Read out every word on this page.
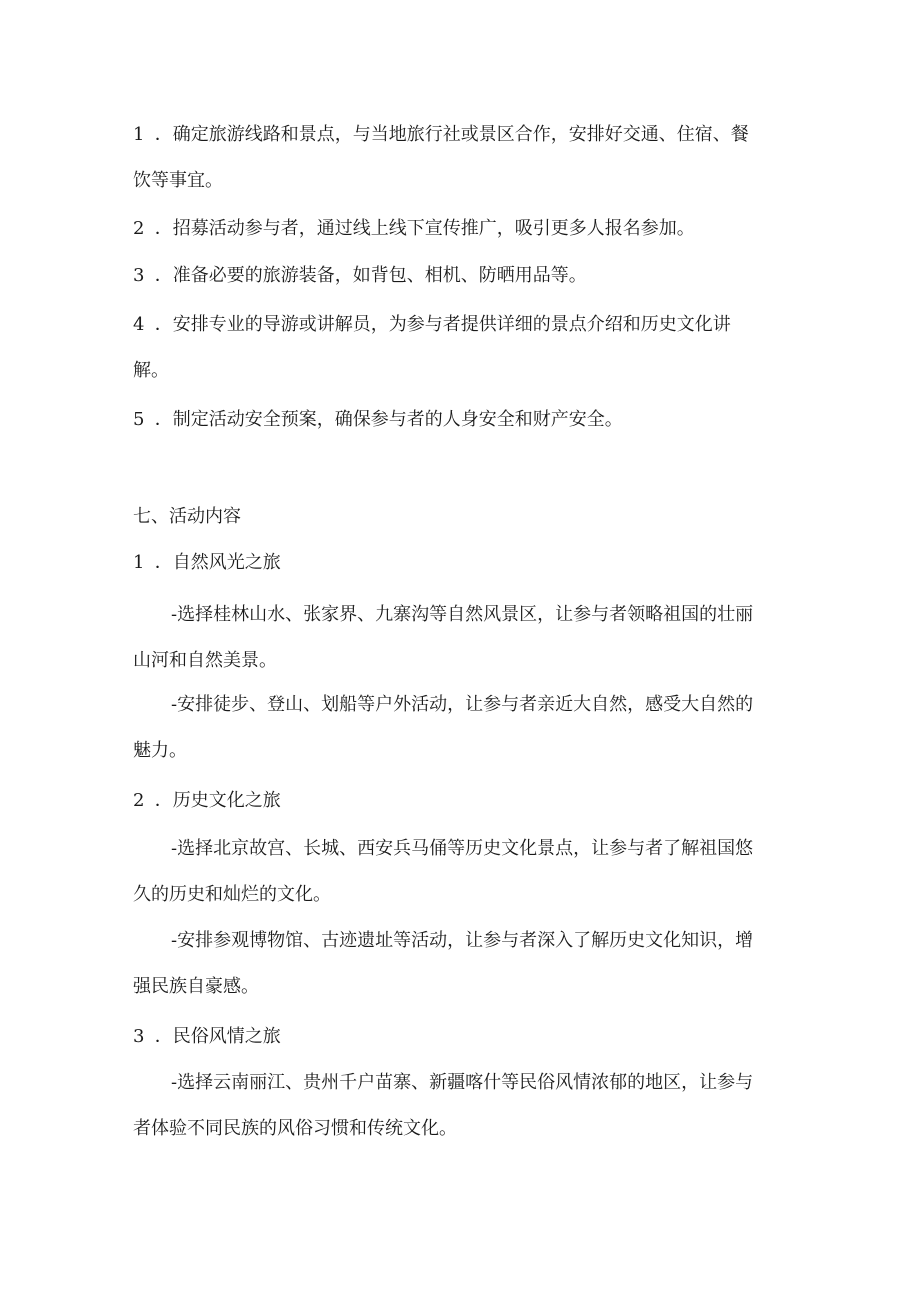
1 ．确定旅游线路和景点，与当地旅行社或景区合作，安排好交通、住宿、餐
饮等事宜。

2 ．招募活动参与者，通过线上线下宣传推广，吸引更多人报名参加。

3 ．准备必要的旅游装备，如背包、相机、防晒用品等。

4 ．安排专业的导游或讲解员，为参与者提供详细的景点介绍和历史文化讲
解。

5 ．制定活动安全预案，确保参与者的人身安全和财产安全。

七、活动内容

1 ．自然风光之旅

-选择桂林山水、张家界、九寨沟等自然风景区，让参与者领略祖国的壮丽
山河和自然美景。

-安排徒步、登山、划船等户外活动，让参与者亲近大自然，感受大自然的
魅力。

2 ．历史文化之旅

-选择北京故宫、长城、西安兵马俑等历史文化景点，让参与者了解祖国悠
久的历史和灿烂的文化。

-安排参观博物馆、古迹遗址等活动，让参与者深入了解历史文化知识，增
强民族自豪感。

3 ．民俗风情之旅

-选择云南丽江、贵州千户苗寨、新疆喀什等民俗风情浓郁的地区，让参与
者体验不同民族的风俗习惯和传统文化。
